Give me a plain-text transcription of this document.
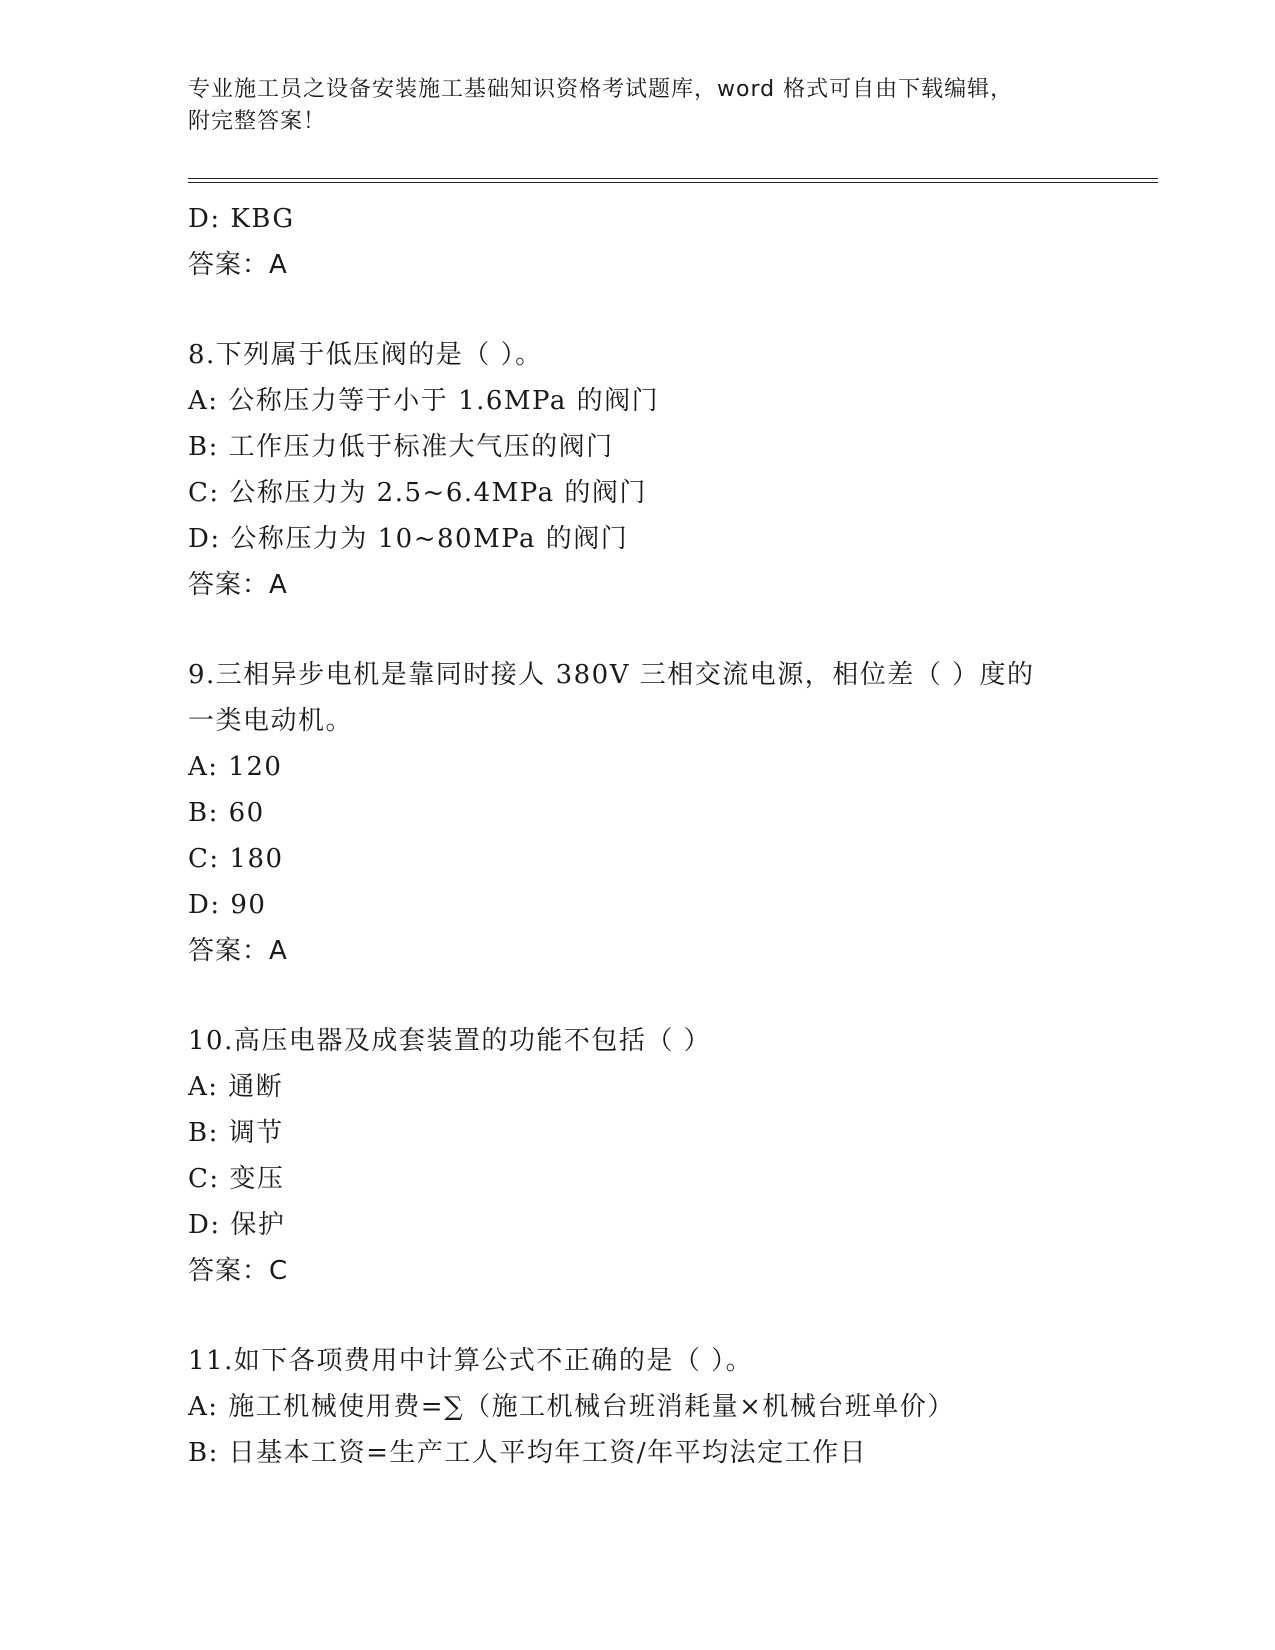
专业施工员之设备安装施工基础知识资格考试题库，word 格式可自由下载编辑，
附完整答案！
D: KBG
答案：A
8.下列属于低压阀的是（ ）。
A: 公称压力等于小于 1.6MPa 的阀门
B: 工作压力低于标准大气压的阀门
C: 公称压力为 2.5~6.4MPa 的阀门
D: 公称压力为 10~80MPa 的阀门
答案：A
9.三相异步电机是靠同时接人 380V 三相交流电源，相位差（ ）度的
一类电动机。
A: 120
B: 60
C: 180
D: 90
答案：A
10.高压电器及成套装置的功能不包括（ ）
A: 通断
B: 调节
C: 变压
D: 保护
答案：C
11.如下各项费用中计算公式不正确的是（ ）。
A: 施工机械使用费=∑（施工机械台班消耗量×机械台班单价）
B: 日基本工资=生产工人平均年工资/年平均法定工作日
